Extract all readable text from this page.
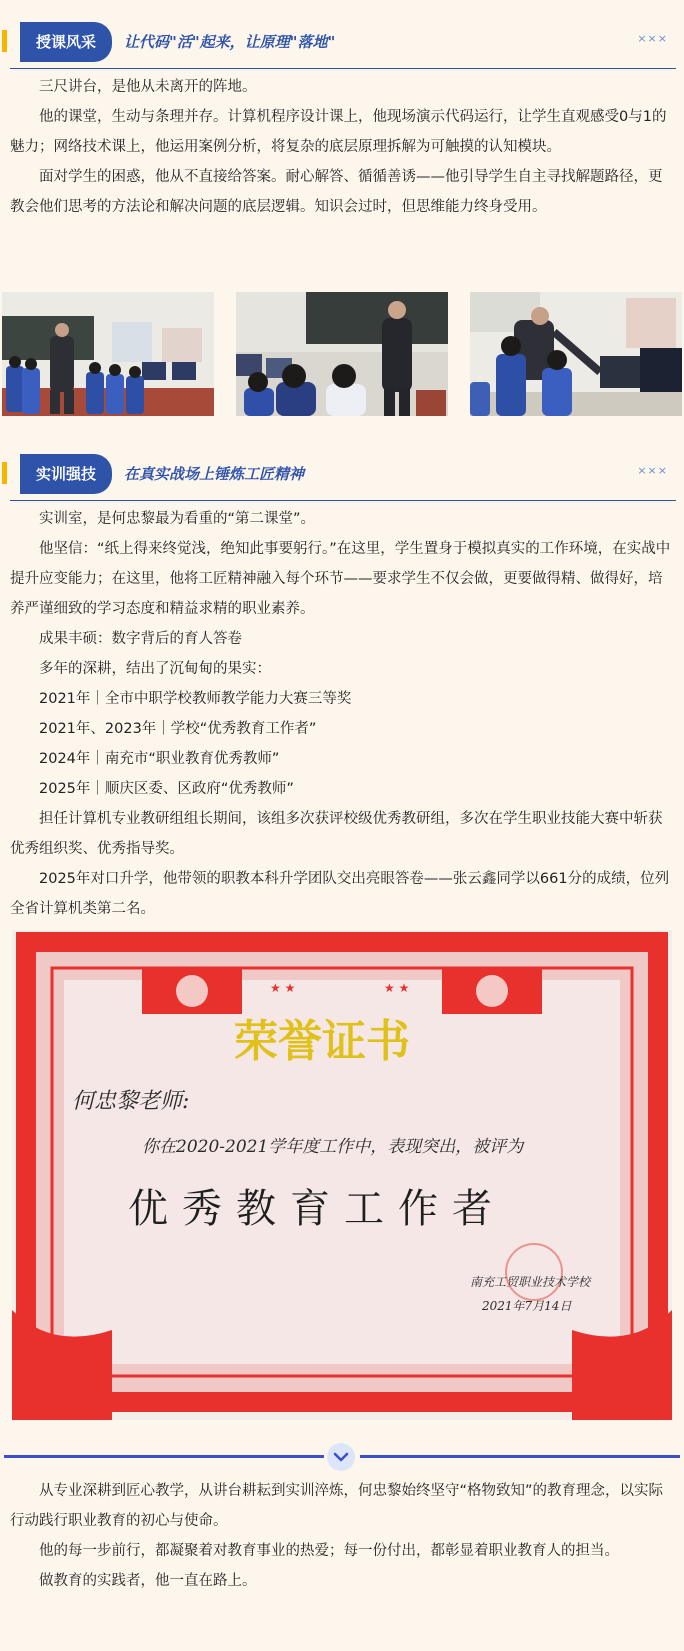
授课风采	让代码"活"起来，让原理"落地"	×××

三尺讲台，是他从未离开的阵地。

他的课堂，生动与条理并存。计算机程序设计课上，他现场演示代码运行，让学生直观感受0与1的魅力；网络技术课上，他运用案例分析，将复杂的底层原理拆解为可触摸的认知模块。

面对学生的困惑，他从不直接给答案。耐心解答、循循善诱——他引导学生自主寻找解题路径，更教会他们思考的方法论和解决问题的底层逻辑。知识会过时，但思维能力终身受用。

实训强技	在真实战场上锤炼工匠精神	×××

实训室，是何忠黎最为看重的“第二课堂”。

他坚信：“纸上得来终觉浅，绝知此事要躬行。”在这里，学生置身于模拟真实的工作环境，在实战中提升应变能力；在这里，他将工匠精神融入每个环节——要求学生不仅会做，更要做得精、做得好，培养严谨细致的学习态度和精益求精的职业素养。

成果丰硕：数字背后的育人答卷

多年的深耕，结出了沉甸甸的果实：

2021年｜全市中职学校教师教学能力大赛三等奖

2021年、2023年｜学校“优秀教育工作者”

2024年｜南充市“职业教育优秀教师”

2025年｜顺庆区委、区政府“优秀教师”

担任计算机专业教研组组长期间，该组多次获评校级优秀教研组，多次在学生职业技能大赛中斩获优秀组织奖、优秀指导奖。

2025年对口升学，他带领的职教本科升学团队交出亮眼答卷——张云鑫同学以661分的成绩，位列全省计算机类第二名。

★ ★	★ ★
荣誉证书
何忠黎老师:
你在2020-2021学年度工作中，表现突出，被评为
优秀教育工作者
南充工贸职业技术学校
2021年7月14日

从专业深耕到匠心教学，从讲台耕耘到实训淬炼，何忠黎始终坚守“格物致知”的教育理念，以实际行动践行职业教育的初心与使命。

他的每一步前行，都凝聚着对教育事业的热爱；每一份付出，都彰显着职业教育人的担当。

做教育的实践者，他一直在路上。
